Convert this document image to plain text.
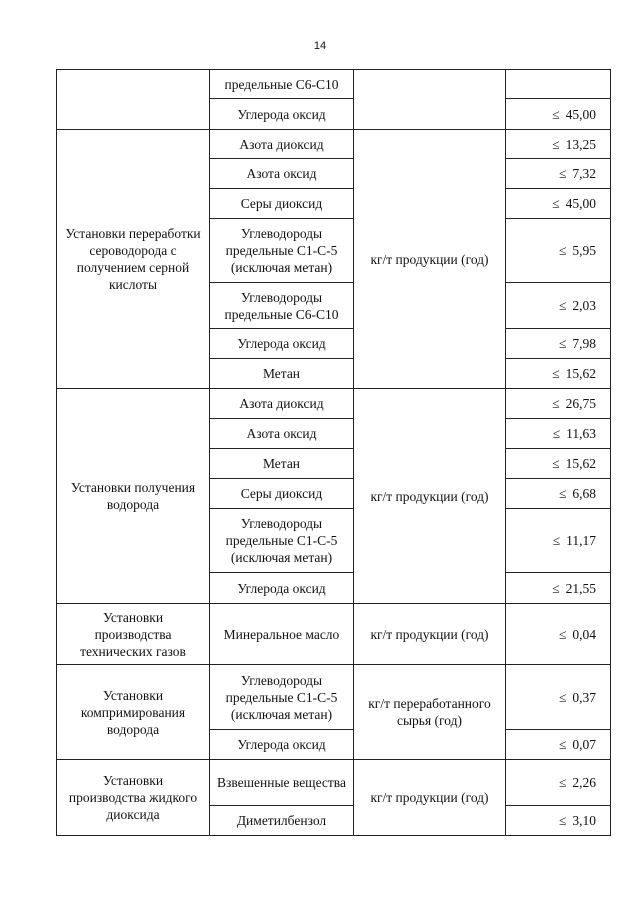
14
	предельные С6-С10		
	Углерода оксид		≤ 45,00
Установки переработки сероводорода с получением серной кислоты	Азота диоксид	кг/т продукции (год)	≤ 13,25
	Азота оксид		≤ 7,32
	Серы диоксид		≤ 45,00
	Углеводороды предельные С1-С-5 (исключая метан)		≤ 5,95
	Углеводороды предельные С6-С10		≤ 2,03
	Углерода оксид		≤ 7,98
	Метан		≤ 15,62
Установки получения водорода	Азота диоксид	кг/т продукции (год)	≤ 26,75
	Азота оксид		≤ 11,63
	Метан		≤ 15,62
	Серы диоксид		≤ 6,68
	Углеводороды предельные С1-С-5 (исключая метан)		≤ 11,17
	Углерода оксид		≤ 21,55
Установки производства технических газов	Минеральное масло	кг/т продукции (год)	≤ 0,04
Установки компримирования водорода	Углеводороды предельные С1-С-5 (исключая метан)	кг/т переработанного сырья (год)	≤ 0,37
	Углерода оксид		≤ 0,07
Установки производства жидкого диоксида	Взвешенные вещества	кг/т продукции (год)	≤ 2,26
	Диметилбензол		≤ 3,10
